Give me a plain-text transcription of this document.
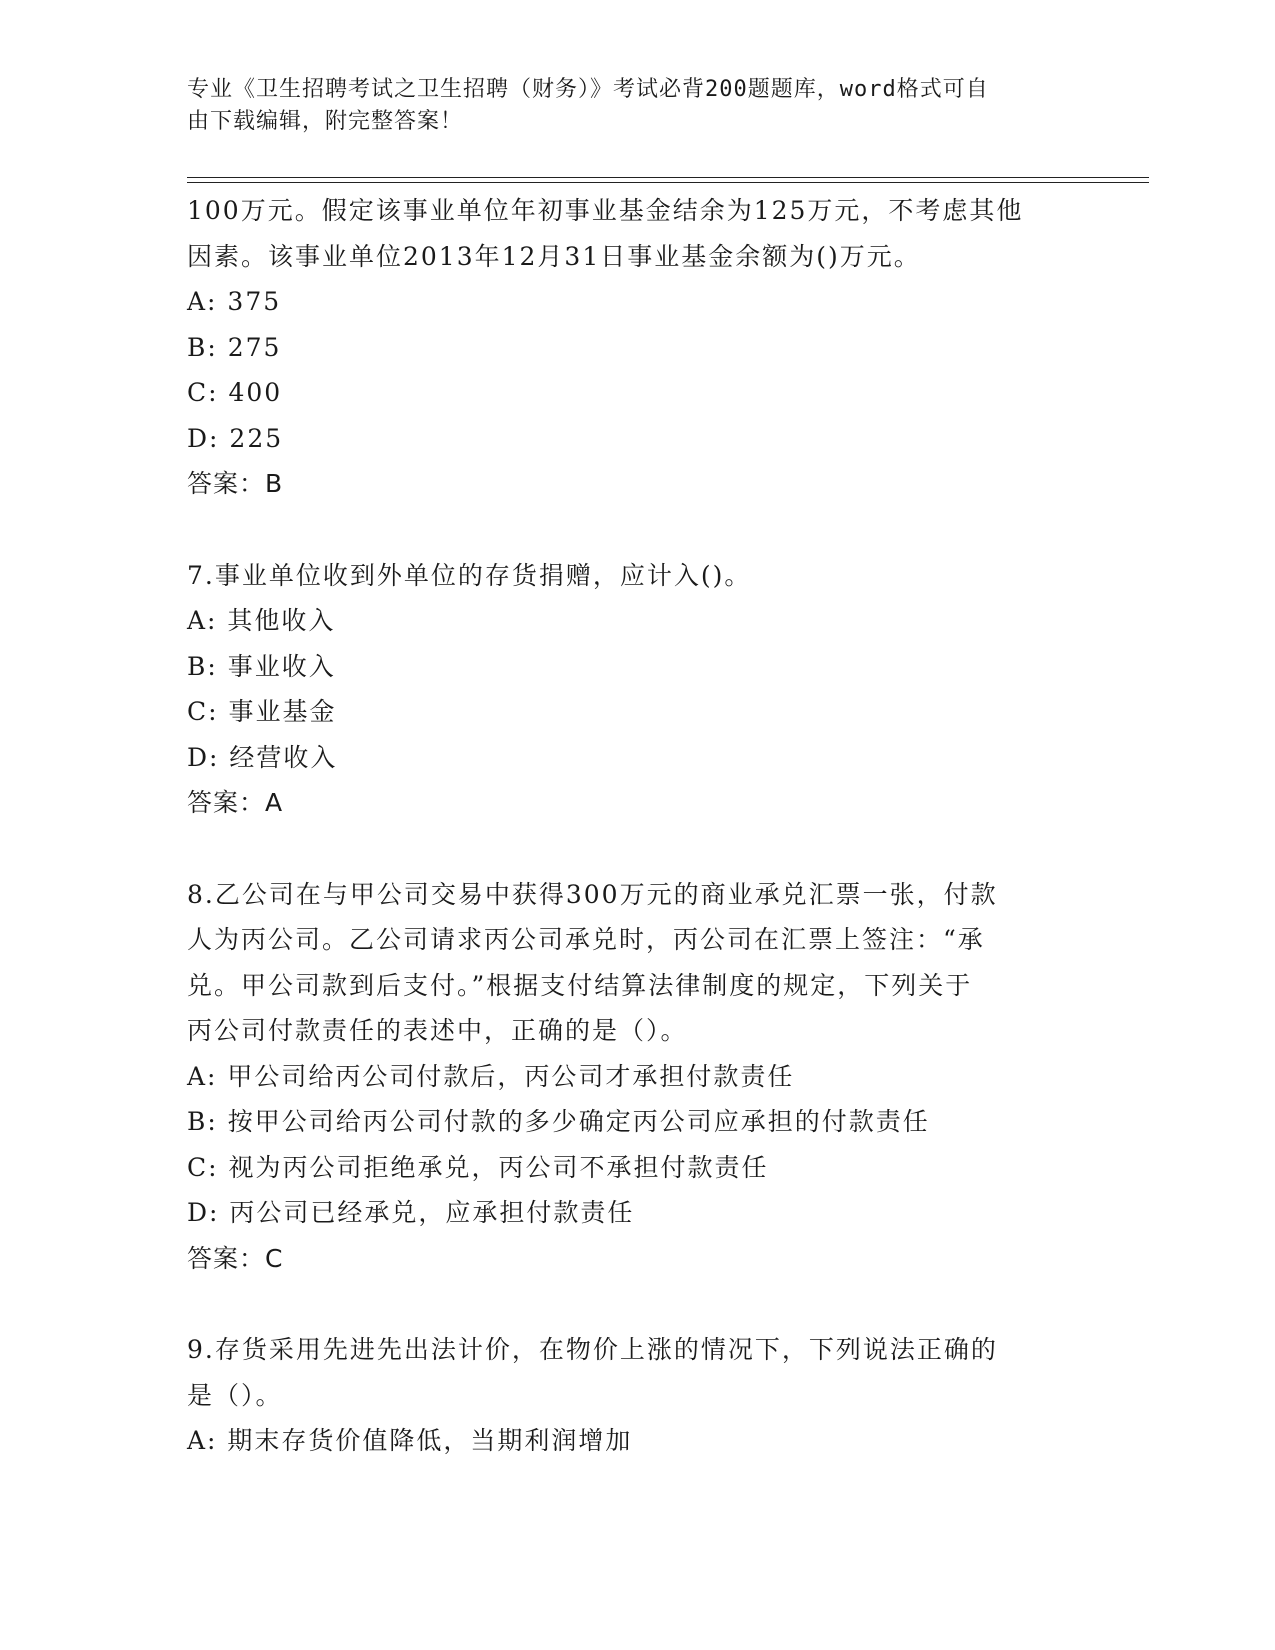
专业《卫生招聘考试之卫生招聘（财务）》考试必背200题题库，word格式可自
由下载编辑，附完整答案！
100万元。假定该事业单位年初事业基金结余为125万元，不考虑其他
因素。该事业单位2013年12月31日事业基金余额为()万元。
A: 375
B: 275
C: 400
D: 225
答案：B
7.事业单位收到外单位的存货捐赠，应计入()。
A: 其他收入
B: 事业收入
C: 事业基金
D: 经营收入
答案：A
8.乙公司在与甲公司交易中获得300万元的商业承兑汇票一张，付款
人为丙公司。乙公司请求丙公司承兑时，丙公司在汇票上签注：“承
兑。甲公司款到后支付。”根据支付结算法律制度的规定，下列关于
丙公司付款责任的表述中，正确的是（）。
A: 甲公司给丙公司付款后，丙公司才承担付款责任
B: 按甲公司给丙公司付款的多少确定丙公司应承担的付款责任
C: 视为丙公司拒绝承兑，丙公司不承担付款责任
D: 丙公司已经承兑，应承担付款责任
答案：C
9.存货采用先进先出法计价，在物价上涨的情况下，下列说法正确的
是（）。
A: 期末存货价值降低，当期利润增加
